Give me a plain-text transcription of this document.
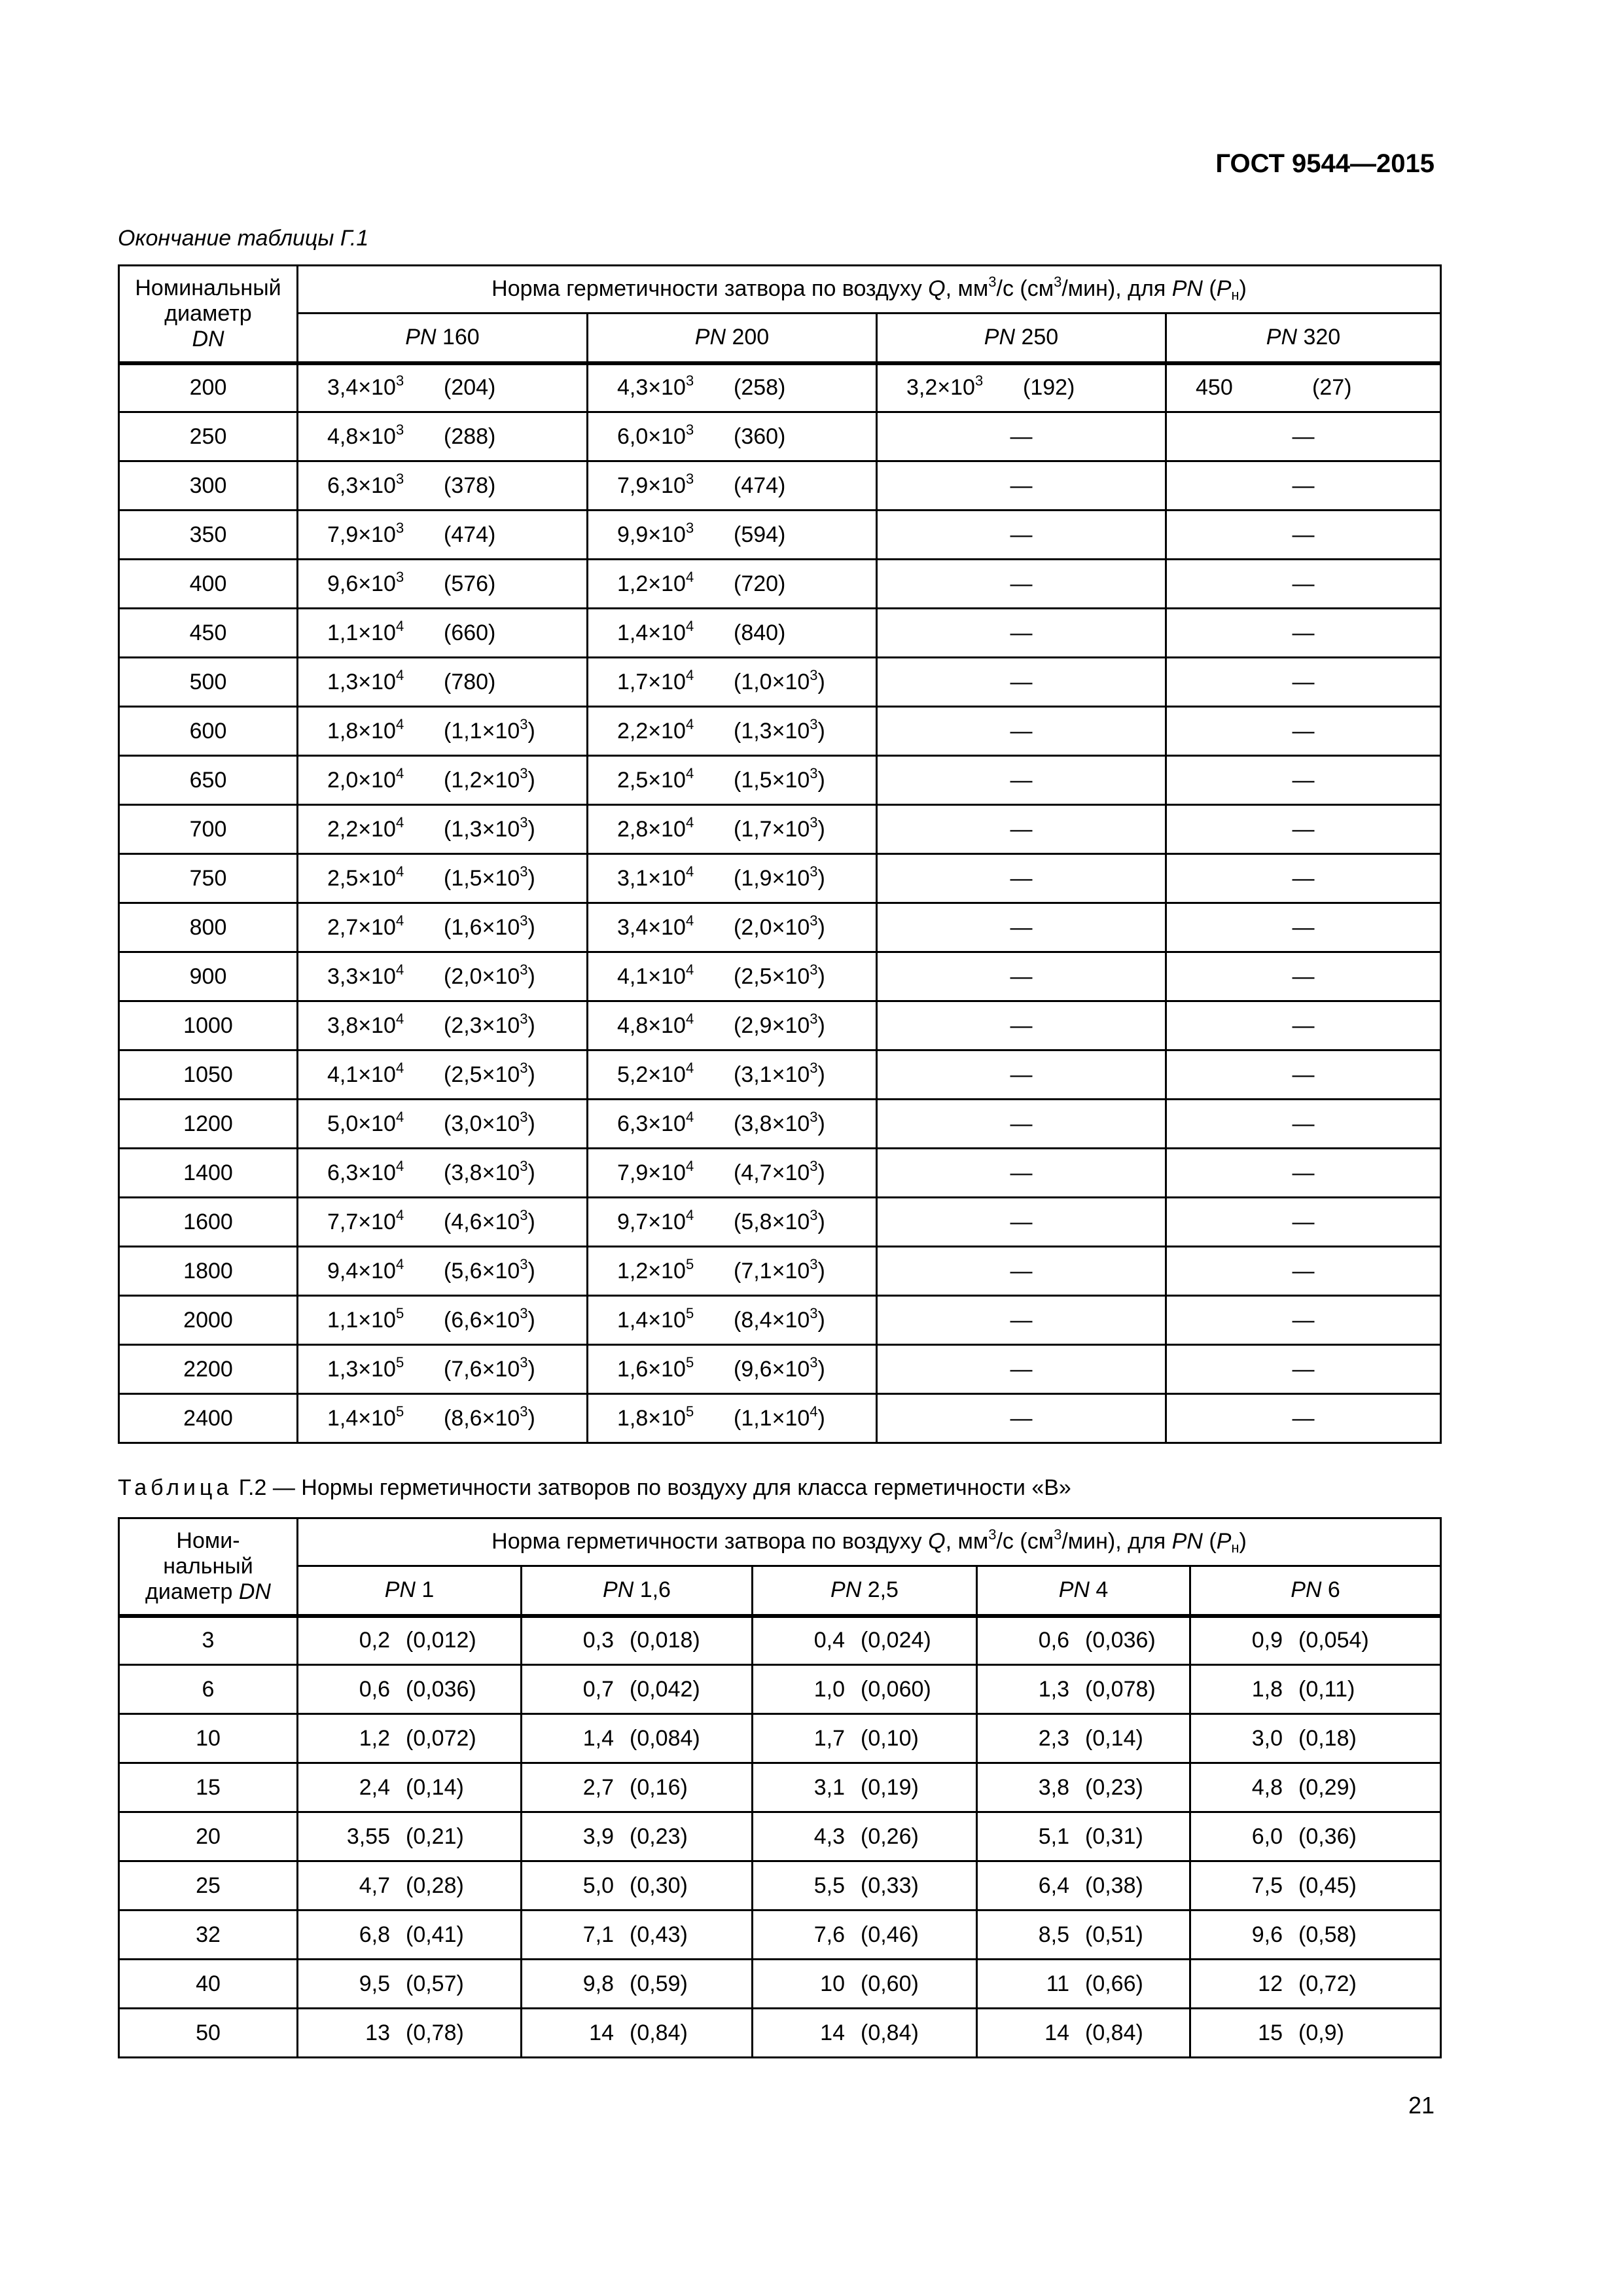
ГОСТ 9544—2015
Окончание таблицы Г.1
Номинальный
диаметр
DN	Норма герметичности затвора по воздуху Q, $мм^3/с$ $(см^3/мин)$, для PN $(P_н)$			
	PN 160	PN 200	PN 250	PN 320
200	$3,4\times 10^3$ (204)	$4,3\times 10^3$ (258)	$3,2\times 10^3$ (192)	450 (27)
250	$4,8\times 10^3$ (288)	$6,0\times 10^3$ (360)	—	—
300	$6,3\times 10^3$ (378)	$7,9\times 10^3$ (474)	—	—
350	$7,9\times 10^3$ (474)	$9,9\times 10^3$ (594)	—	—
400	$9,6\times 10^3$ (576)	$1,2\times 10^4$ (720)	—	—
450	$1,1\times 10^4$ (660)	$1,4\times 10^4$ (840)	—	—
500	$1,3\times 10^4$ (780)	$1,7\times 10^4$ $(1,0\times 10^3)$	—	—
600	$1,8\times 10^4$ $(1,1\times 10^3)$	$2,2\times 10^4$ $(1,3\times 10^3)$	—	—
650	$2,0\times 10^4$ $(1,2\times 10^3)$	$2,5\times 10^4$ $(1,5\times 10^3)$	—	—
700	$2,2\times 10^4$ $(1,3\times 10^3)$	$2,8\times 10^4$ $(1,7\times 10^3)$	—	—
750	$2,5\times 10^4$ $(1,5\times 10^3)$	$3,1\times 10^4$ $(1,9\times 10^3)$	—	—
800	$2,7\times 10^4$ $(1,6\times 10^3)$	$3,4\times 10^4$ $(2,0\times 10^3)$	—	—
900	$3,3\times 10^4$ $(2,0\times 10^3)$	$4,1\times 10^4$ $(2,5\times 10^3)$	—	—
1000	$3,8\times 10^4$ $(2,3\times 10^3)$	$4,8\times 10^4$ $(2,9\times 10^3)$	—	—
1050	$4,1\times 10^4$ $(2,5\times 10^3)$	$5,2\times 10^4$ $(3,1\times 10^3)$	—	—
1200	$5,0\times 10^4$ $(3,0\times 10^3)$	$6,3\times 10^4$ $(3,8\times 10^3)$	—	—
1400	$6,3\times 10^4$ $(3,8\times 10^3)$	$7,9\times 10^4$ $(4,7\times 10^3)$	—	—
1600	$7,7\times 10^4$ $(4,6\times 10^3)$	$9,7\times 10^4$ $(5,8\times 10^3)$	—	—
1800	$9,4\times 10^4$ $(5,6\times 10^3)$	$1,2\times 10^5$ $(7,1\times 10^3)$	—	—
2000	$1,1\times 10^5$ $(6,6\times 10^3)$	$1,4\times 10^5$ $(8,4\times 10^3)$	—	—
2200	$1,3\times 10^5$ $(7,6\times 10^3)$	$1,6\times 10^5$ $(9,6\times 10^3)$	—	—
2400	$1,4\times 10^5$ $(8,6\times 10^3)$	$1,8\times 10^5$ $(1,1\times 10^4)$	—	—
Таблица Г.2 — Нормы герметичности затворов по воздуху для класса герметичности «В»
Номи-
нальный
диаметр DN	Норма герметичности затвора по воздуху Q, $мм^3/с$ $(см^3/мин)$, для PN $(P_н)$				
	PN 1	PN 1,6	PN 2,5	PN 4	PN 6
3	0,2 (0,012)	0,3 (0,018)	0,4 (0,024)	0,6 (0,036)	0,9 (0,054)
6	0,6 (0,036)	0,7 (0,042)	1,0 (0,060)	1,3 (0,078)	1,8 (0,11)
10	1,2 (0,072)	1,4 (0,084)	1,7 (0,10)	2,3 (0,14)	3,0 (0,18)
15	2,4 (0,14)	2,7 (0,16)	3,1 (0,19)	3,8 (0,23)	4,8 (0,29)
20	3,55 (0,21)	3,9 (0,23)	4,3 (0,26)	5,1 (0,31)	6,0 (0,36)
25	4,7 (0,28)	5,0 (0,30)	5,5 (0,33)	6,4 (0,38)	7,5 (0,45)
32	6,8 (0,41)	7,1 (0,43)	7,6 (0,46)	8,5 (0,51)	9,6 (0,58)
40	9,5 (0,57)	9,8 (0,59)	10 (0,60)	11 (0,66)	12 (0,72)
50	13 (0,78)	14 (0,84)	14 (0,84)	14 (0,84)	15 (0,9)
21
